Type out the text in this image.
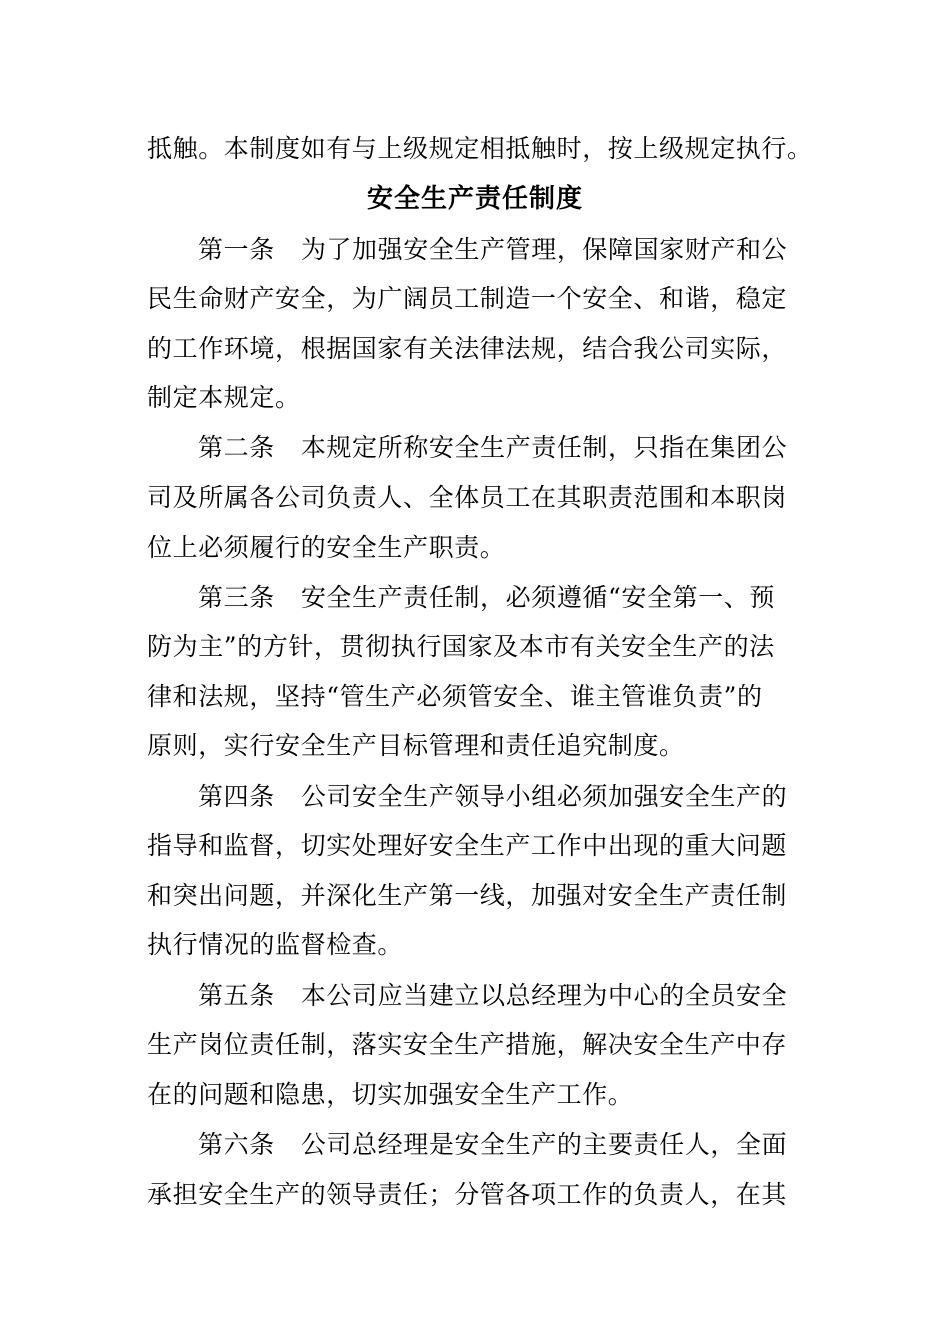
抵触。本制度如有与上级规定相抵触时，按上级规定执行。
安全生产责任制度
第一条 为了加强安全生产管理，保障国家财产和公
民生命财产安全，为广阔员工制造一个安全、和谐，稳定
的工作环境，根据国家有关法律法规，结合我公司实际，
制定本规定。
第二条 本规定所称安全生产责任制，只指在集团公
司及所属各公司负责人、全体员工在其职责范围和本职岗
位上必须履行的安全生产职责。
第三条 安全生产责任制，必须遵循“安全第一、预
防为主”的方针，贯彻执行国家及本市有关安全生产的法
律和法规，坚持“管生产必须管安全、谁主管谁负责”的
原则，实行安全生产目标管理和责任追究制度。
第四条 公司安全生产领导小组必须加强安全生产的
指导和监督，切实处理好安全生产工作中出现的重大问题
和突出问题，并深化生产第一线，加强对安全生产责任制
执行情况的监督检查。
第五条 本公司应当建立以总经理为中心的全员安全
生产岗位责任制，落实安全生产措施，解决安全生产中存
在的问题和隐患，切实加强安全生产工作。
第六条 公司总经理是安全生产的主要责任人，全面
承担安全生产的领导责任；分管各项工作的负责人，在其
